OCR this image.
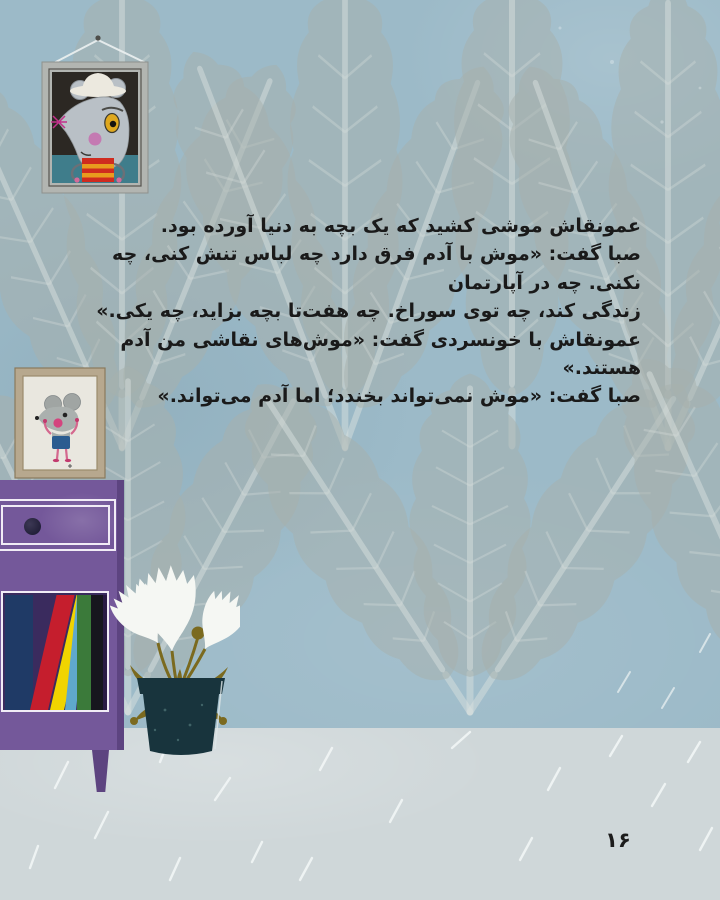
عمونقاش موشی کشید که یک بچه به دنیا آورده بود.

صبا گفت: «موش با آدم فرق دارد چه لباس تنش کنی، چه نکنی. چه در آپارتمان

زندگی کند، چه توی سوراخ. چه هفت‌تا بچه بزاید، چه یکی.»

عمونقاش با خونسردی گفت: «موش‌های نقاشی من آدم هستند.»

صبا گفت: «موش نمی‌تواند بخندد؛ اما آدم می‌تواند.»

۱۶
